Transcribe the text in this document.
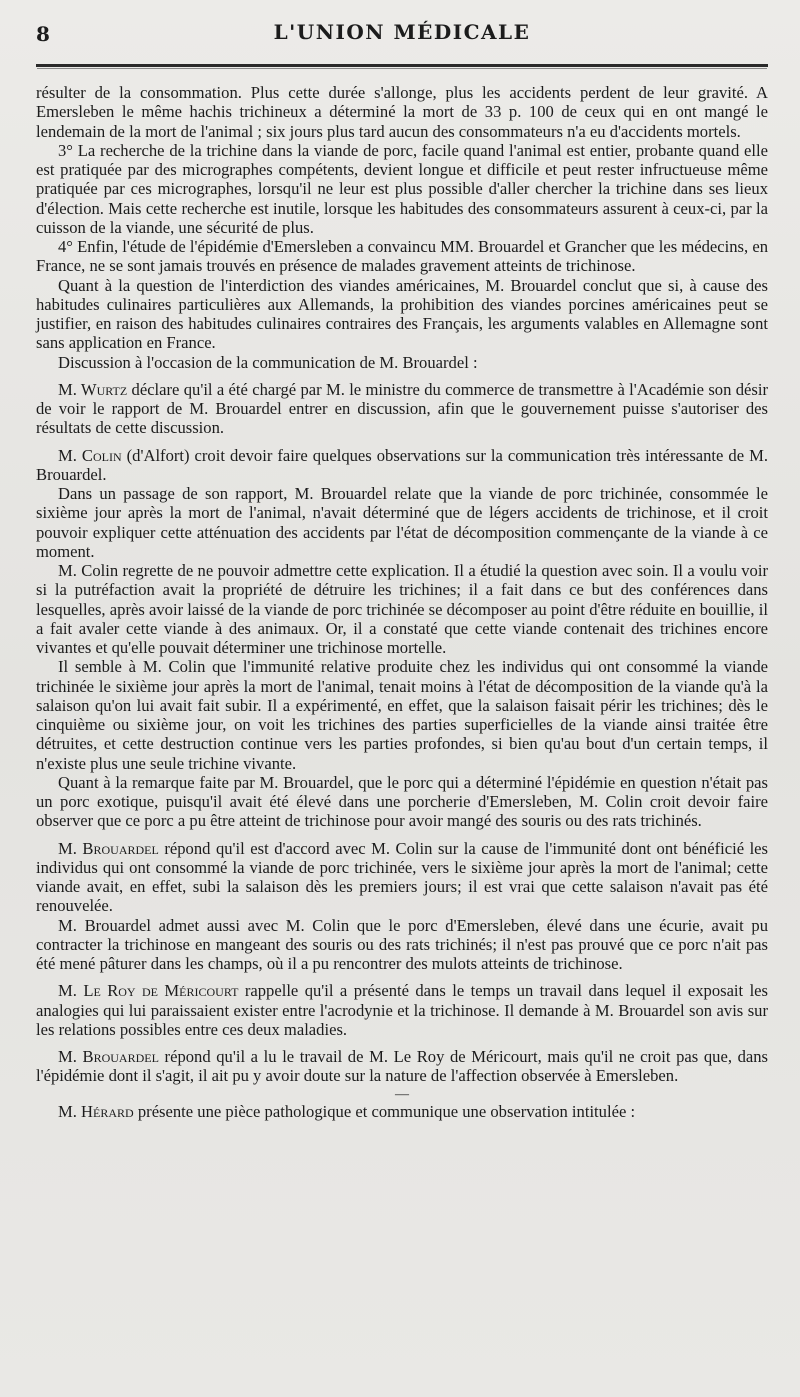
8	L'UNION MÉDICALE

résulter de la consommation. Plus cette durée s'allonge, plus les accidents perdent de leur gravité. A Emersleben le même hachis trichineux a déterminé la mort de 33 p. 100 de ceux qui en ont mangé le lendemain de la mort de l'animal ; six jours plus tard aucun des consommateurs n'a eu d'accidents mortels.

3° La recherche de la trichine dans la viande de porc, facile quand l'animal est entier, probante quand elle est pratiquée par des micrographes compétents, devient longue et difficile et peut rester infructueuse même pratiquée par ces micrographes, lorsqu'il ne leur est plus possible d'aller chercher la trichine dans ses lieux d'élection. Mais cette recherche est inutile, lorsque les habitudes des consommateurs assurent à ceux-ci, par la cuisson de la viande, une sécurité de plus.

4° Enfin, l'étude de l'épidémie d'Emersleben a convaincu MM. Brouardel et Grancher que les médecins, en France, ne se sont jamais trouvés en présence de malades gravement atteints de trichinose.

Quant à la question de l'interdiction des viandes américaines, M. Brouardel conclut que si, à cause des habitudes culinaires particulières aux Allemands, la prohibition des viandes porcines américaines peut se justifier, en raison des habitudes culinaires contraires des Français, les arguments valables en Allemagne sont sans application en France.

Discussion à l'occasion de la communication de M. Brouardel :

M. Wurtz déclare qu'il a été chargé par M. le ministre du commerce de transmettre à l'Académie son désir de voir le rapport de M. Brouardel entrer en discussion, afin que le gouvernement puisse s'autoriser des résultats de cette discussion.

M. Colin (d'Alfort) croit devoir faire quelques observations sur la communication très intéressante de M. Brouardel.

Dans un passage de son rapport, M. Brouardel relate que la viande de porc trichinée, consommée le sixième jour après la mort de l'animal, n'avait déterminé que de légers accidents de trichinose, et il croit pouvoir expliquer cette atténuation des accidents par l'état de décomposition commençante de la viande à ce moment.

M. Colin regrette de ne pouvoir admettre cette explication. Il a étudié la question avec soin. Il a voulu voir si la putréfaction avait la propriété de détruire les trichines; il a fait dans ce but des conférences dans lesquelles, après avoir laissé de la viande de porc trichinée se décomposer au point d'être réduite en bouillie, il a fait avaler cette viande à des animaux. Or, il a constaté que cette viande contenait des trichines encore vivantes et qu'elle pouvait déterminer une trichinose mortelle.

Il semble à M. Colin que l'immunité relative produite chez les individus qui ont consommé la viande trichinée le sixième jour après la mort de l'animal, tenait moins à l'état de décomposition de la viande qu'à la salaison qu'on lui avait fait subir. Il a expérimenté, en effet, que la salaison faisait périr les trichines; dès le cinquième ou sixième jour, on voit les trichines des parties superficielles de la viande ainsi traitée être détruites, et cette destruction continue vers les parties profondes, si bien qu'au bout d'un certain temps, il n'existe plus une seule trichine vivante.

Quant à la remarque faite par M. Brouardel, que le porc qui a déterminé l'épidémie en question n'était pas un porc exotique, puisqu'il avait été élevé dans une porcherie d'Emersleben, M. Colin croit devoir faire observer que ce porc a pu être atteint de trichinose pour avoir mangé des souris ou des rats trichinés.

M. Brouardel répond qu'il est d'accord avec M. Colin sur la cause de l'immunité dont ont bénéficié les individus qui ont consommé la viande de porc trichinée, vers le sixième jour après la mort de l'animal; cette viande avait, en effet, subi la salaison dès les premiers jours; il est vrai que cette salaison n'avait pas été renouvelée.

M. Brouardel admet aussi avec M. Colin que le porc d'Emersleben, élevé dans une écurie, avait pu contracter la trichinose en mangeant des souris ou des rats trichinés; il n'est pas prouvé que ce porc n'ait pas été mené pâturer dans les champs, où il a pu rencontrer des mulots atteints de trichinose.

M. Le Roy de Méricourt rappelle qu'il a présenté dans le temps un travail dans lequel il exposait les analogies qui lui paraissaient exister entre l'acrodynie et la trichinose. Il demande à M. Brouardel son avis sur les relations possibles entre ces deux maladies.

M. Brouardel répond qu'il a lu le travail de M. Le Roy de Méricourt, mais qu'il ne croit pas que, dans l'épidémie dont il s'agit, il ait pu y avoir doute sur la nature de l'affection observée à Emersleben.

—

M. Hérard présente une pièce pathologique et communique une observation intitulée :
